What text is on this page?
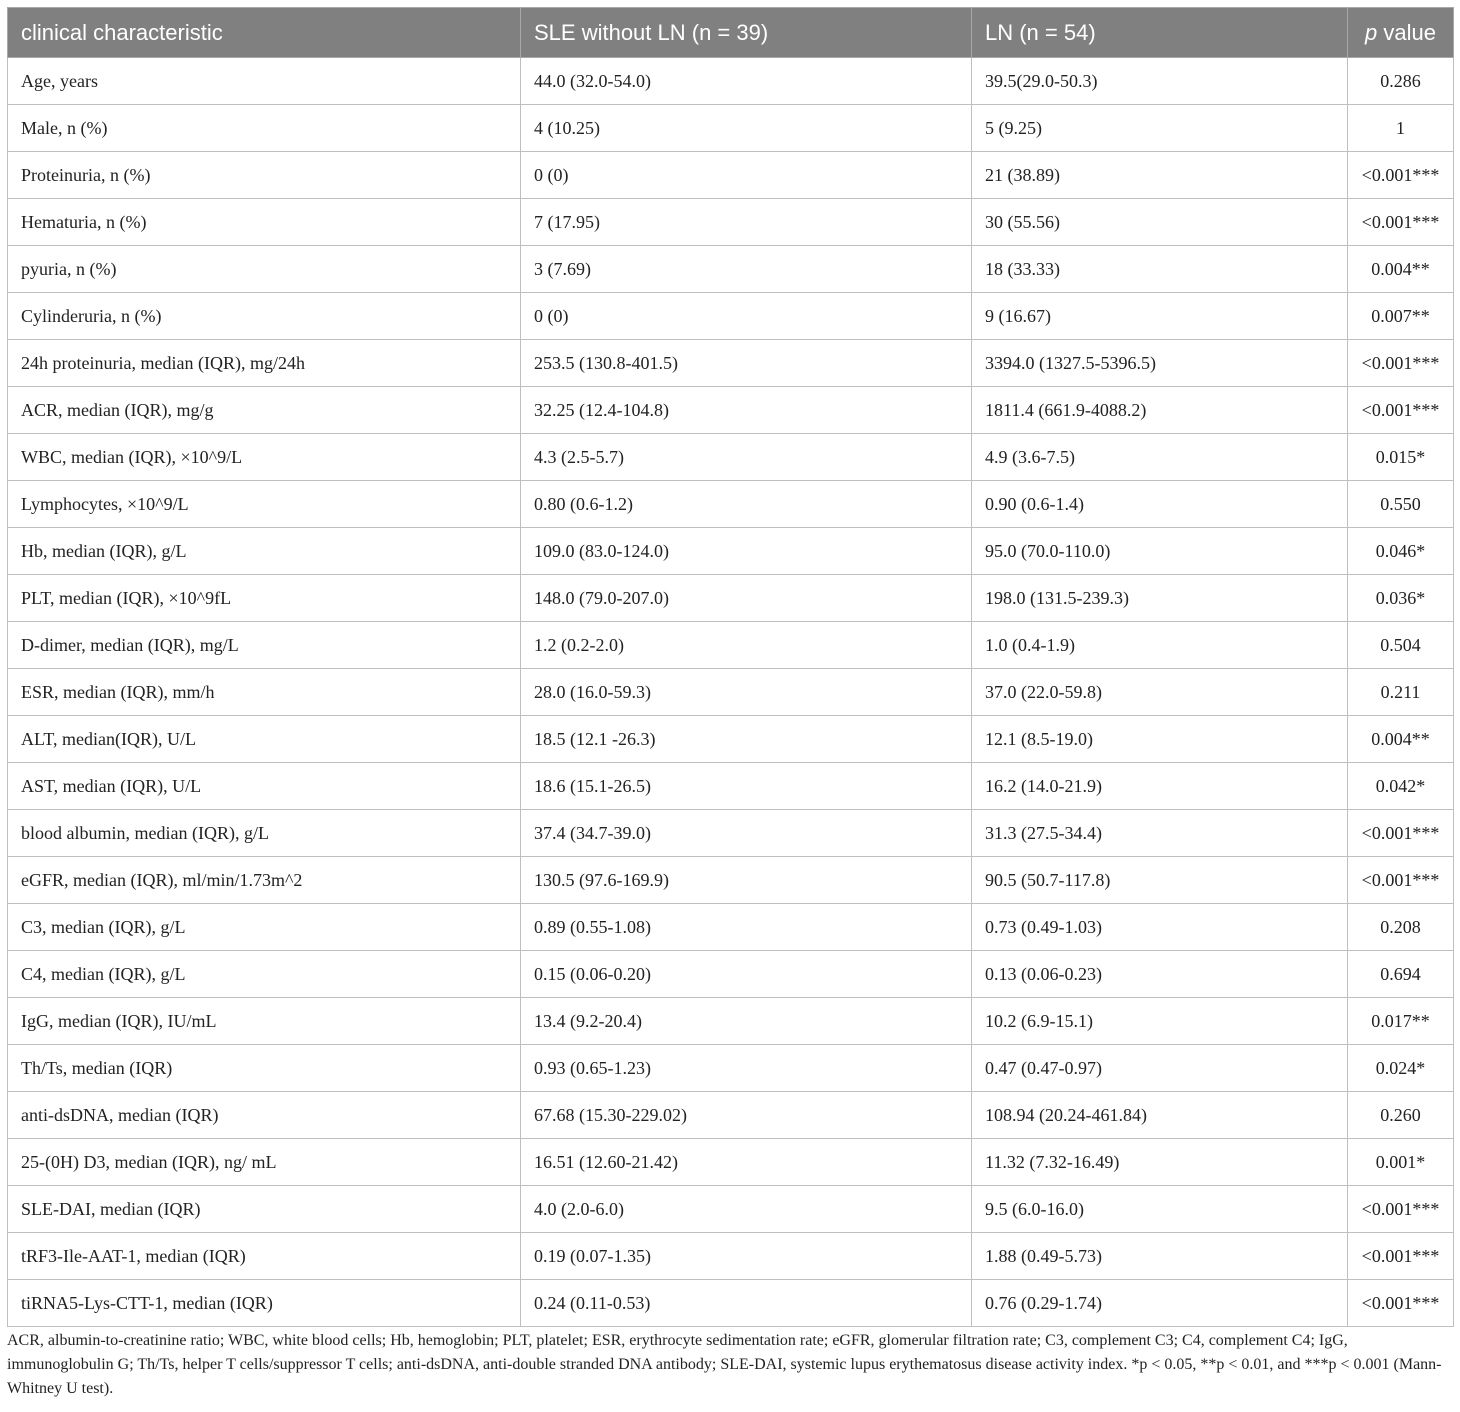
clinical characteristic	SLE without LN (n = 39)	LN (n = 54)	p value
Age, years	44.0 (32.0-54.0)	39.5(29.0-50.3)	0.286
Male, n (%)	4 (10.25)	5 (9.25)	1
Proteinuria, n (%)	0 (0)	21 (38.89)	<0.001***
Hematuria, n (%)	7 (17.95)	30 (55.56)	<0.001***
pyuria, n (%)	3 (7.69)	18 (33.33)	0.004**
Cylinderuria, n (%)	0 (0)	9 (16.67)	0.007**
24h proteinuria, median (IQR), mg/24h	253.5 (130.8-401.5)	3394.0 (1327.5-5396.5)	<0.001***
ACR, median (IQR), mg/g	32.25 (12.4-104.8)	1811.4 (661.9-4088.2)	<0.001***
WBC, median (IQR), ×10^9/L	4.3 (2.5-5.7)	4.9 (3.6-7.5)	0.015*
Lymphocytes, ×10^9/L	0.80 (0.6-1.2)	0.90 (0.6-1.4)	0.550
Hb, median (IQR), g/L	109.0 (83.0-124.0)	95.0 (70.0-110.0)	0.046*
PLT, median (IQR), ×10^9fL	148.0 (79.0-207.0)	198.0 (131.5-239.3)	0.036*
D-dimer, median (IQR), mg/L	1.2 (0.2-2.0)	1.0 (0.4-1.9)	0.504
ESR, median (IQR), mm/h	28.0 (16.0-59.3)	37.0 (22.0-59.8)	0.211
ALT, median(IQR), U/L	18.5 (12.1 -26.3)	12.1 (8.5-19.0)	0.004**
AST, median (IQR), U/L	18.6 (15.1-26.5)	16.2 (14.0-21.9)	0.042*
blood albumin, median (IQR), g/L	37.4 (34.7-39.0)	31.3 (27.5-34.4)	<0.001***
eGFR, median (IQR), ml/min/1.73m^2	130.5 (97.6-169.9)	90.5 (50.7-117.8)	<0.001***
C3, median (IQR), g/L	0.89 (0.55-1.08)	0.73 (0.49-1.03)	0.208
C4, median (IQR), g/L	0.15 (0.06-0.20)	0.13 (0.06-0.23)	0.694
IgG, median (IQR), IU/mL	13.4 (9.2-20.4)	10.2 (6.9-15.1)	0.017**
Th/Ts, median (IQR)	0.93 (0.65-1.23)	0.47 (0.47-0.97)	0.024*
anti-dsDNA, median (IQR)	67.68 (15.30-229.02)	108.94 (20.24-461.84)	0.260
25-(0H) D3, median (IQR), ng/ mL	16.51 (12.60-21.42)	11.32 (7.32-16.49)	0.001*
SLE-DAI, median (IQR)	4.0 (2.0-6.0)	9.5 (6.0-16.0)	<0.001***
tRF3-Ile-AAT-1, median (IQR)	0.19 (0.07-1.35)	1.88 (0.49-5.73)	<0.001***
tiRNA5-Lys-CTT-1, median (IQR)	0.24 (0.11-0.53)	0.76 (0.29-1.74)	<0.001***
ACR, albumin-to-creatinine ratio; WBC, white blood cells; Hb, hemoglobin; PLT, platelet; ESR, erythrocyte sedimentation rate; eGFR, glomerular filtration rate; C3, complement C3; C4, complement C4; IgG, immunoglobulin G; Th/Ts, helper T cells/suppressor T cells; anti-dsDNA, anti-double stranded DNA antibody; SLE-DAI, systemic lupus erythematosus disease activity index. *p < 0.05, **p < 0.01, and ***p < 0.001 (Mann-Whitney U test).
